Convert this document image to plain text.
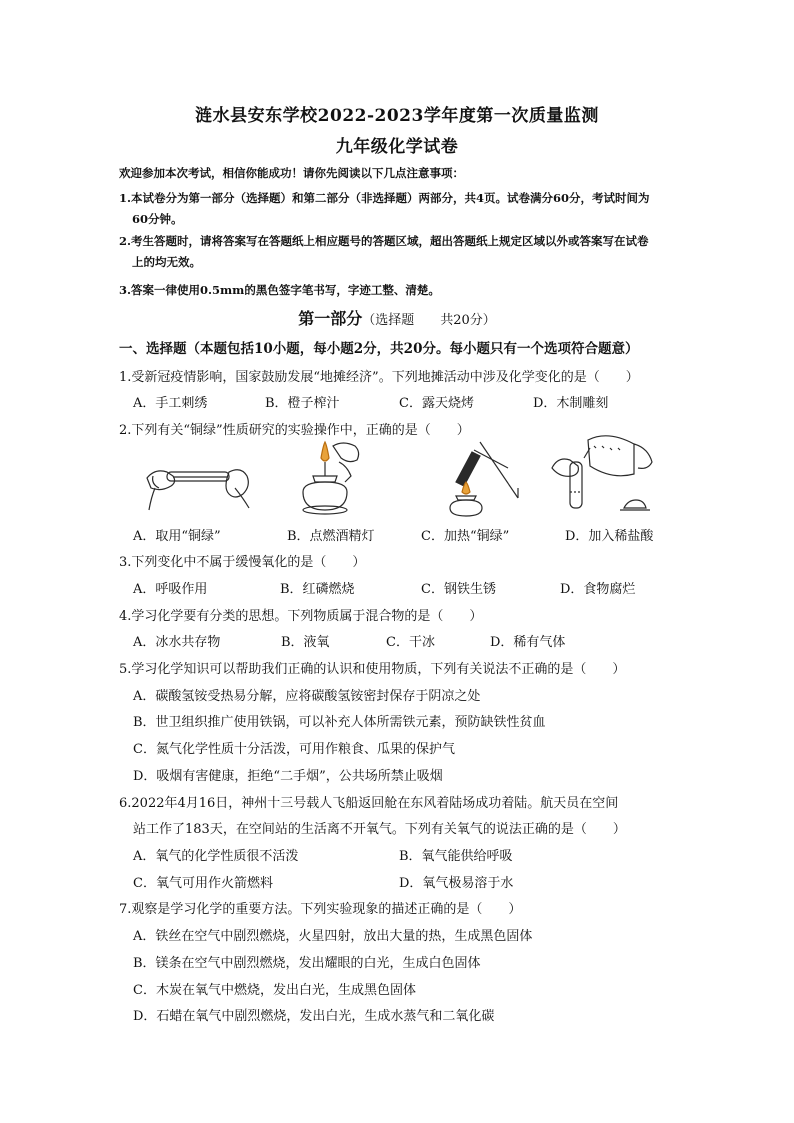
涟水县安东学校2022-2023学年度第一次质量监测
九年级化学试卷
欢迎参加本次考试，相信你能成功！请你先阅读以下几点注意事项：
1.本试卷分为第一部分（选择题）和第二部分（非选择题）两部分，共4页。试卷满分60分，考试时间为
60分钟。
2.考生答题时，请将答案写在答题纸上相应题号的答题区域，超出答题纸上规定区域以外或答案写在试卷
上的均无效。
3.答案一律使用0.5mm的黑色签字笔书写，字迹工整、清楚。
第一部分（选择题　　共20分）
一、选择题（本题包括10小题，每小题2分，共20分。每小题只有一个选项符合题意）
1.受新冠疫情影响，国家鼓励发展“地摊经济”。下列地摊活动中涉及化学变化的是（　　）
A．手工刺绣	B．橙子榨汁	C．露天烧烤	D．木制雕刻
2.下列有关“铜绿”性质研究的实验操作中，正确的是（　　）
A．取用“铜绿”	B．点燃酒精灯	C．加热“铜绿”	D．加入稀盐酸
3.下列变化中不属于缓慢氧化的是（　　）
A．呼吸作用	B．红磷燃烧	C．钢铁生锈	D．食物腐烂
4.学习化学要有分类的思想。下列物质属于混合物的是（　　）
A．冰水共存物	B．液氧	C．干冰	D．稀有气体
5.学习化学知识可以帮助我们正确的认识和使用物质，下列有关说法不正确的是（　　）
A．碳酸氢铵受热易分解，应将碳酸氢铵密封保存于阴凉之处
B．世卫组织推广使用铁锅，可以补充人体所需铁元素，预防缺铁性贫血
C．氮气化学性质十分活泼，可用作粮食、瓜果的保护气
D．吸烟有害健康，拒绝“二手烟”，公共场所禁止吸烟
6.2022年4月16日，神州十三号载人飞船返回舱在东风着陆场成功着陆。航天员在空间
站工作了183天，在空间站的生活离不开氧气。下列有关氧气的说法正确的是（　　）
A．氧气的化学性质很不活泼	B．氧气能供给呼吸
C．氧气可用作火箭燃料	D．氧气极易溶于水
7.观察是学习化学的重要方法。下列实验现象的描述正确的是（　　）
A．铁丝在空气中剧烈燃烧，火星四射，放出大量的热，生成黑色固体
B．镁条在空气中剧烈燃烧，发出耀眼的白光，生成白色固体
C．木炭在氧气中燃烧，发出白光，生成黑色固体
D．石蜡在氧气中剧烈燃烧，发出白光，生成水蒸气和二氧化碳
